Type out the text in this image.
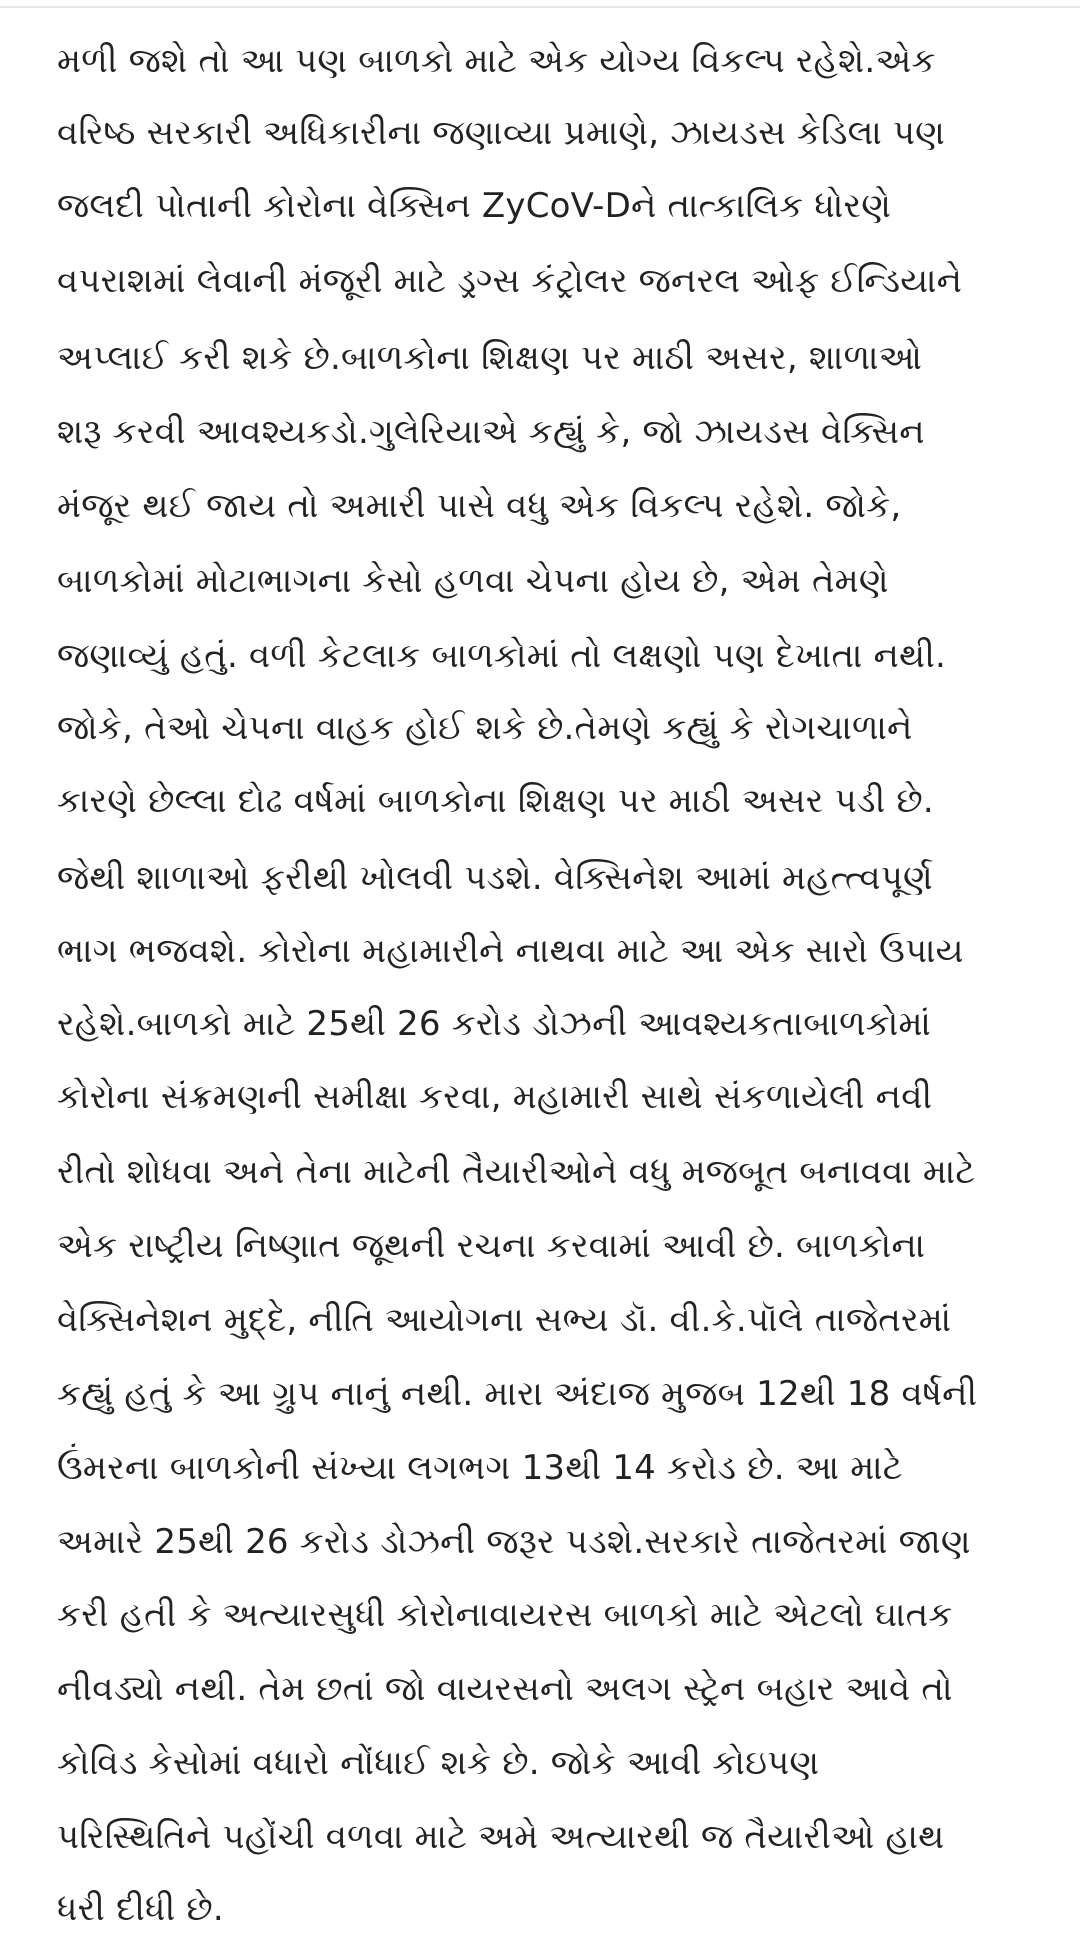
મળી જશે તો આ પણ બાળકો માટે એક યોગ્ય વિકલ્પ રહેશે.એક
વરિષ્ઠ સરકારી અધિકારીના જણાવ્યા પ્રમાણે, ઝાયડસ કેડિલા પણ
જલદી પોતાની કોરોના વેક્સિન ZyCoV-Dને તાત્કાલિક ધોરણે
વપરાશમાં લેવાની મંજૂરી માટે ડ્રગ્સ કંટ્રોલર જનરલ ઓફ ઈન્ડિયાને
અપ્લાઈ કરી શકે છે.બાળકોના શિક્ષણ પર માઠી અસર, શાળાઓ
શરૂ કરવી આવશ્યકડો.ગુલેરિયાએ કહ્યું કે, જો ઝાયડસ વેક્સિન
મંજૂર થઈ જાય તો અમારી પાસે વધુ એક વિકલ્પ રહેશે. જોકે,
બાળકોમાં મોટાભાગના કેસો હળવા ચેપના હોય છે, એમ તેમણે
જણાવ્યું હતું. વળી કેટલાક બાળકોમાં તો લક્ષણો પણ દેખાતા નથી.
જોકે, તેઓ ચેપના વાહક હોઈ શકે છે.તેમણે કહ્યું કે રોગચાળાને
કારણે છેલ્લા દોઢ વર્ષમાં બાળકોના શિક્ષણ પર માઠી અસર પડી છે.
જેથી શાળાઓ ફરીથી ખોલવી પડશે. વેક્સિનેશ આમાં મહત્ત્વપૂર્ણ
ભાગ ભજવશે. કોરોના મહામારીને નાથવા માટે આ એક સારો ઉપાય
રહેશે.બાળકો માટે 25થી 26 કરોડ ડોઝની આવશ્યકતાબાળકોમાં
કોરોના સંક્રમણની સમીક્ષા કરવા, મહામારી સાથે સંકળાયેલી નવી
રીતો શોધવા અને તેના માટેની તૈયારીઓને વધુ મજબૂત બનાવવા માટે
એક રાષ્ટ્રીય નિષ્ણાત જૂથની રચના કરવામાં આવી છે. બાળકોના
વેક્સિનેશન મુદ્દે, નીતિ આયોગના સભ્ય ડૉ. વી.કે.પૉલે તાજેતરમાં
કહ્યું હતું કે આ ગ્રુપ નાનું નથી. મારા અંદાજ મુજબ 12થી 18 વર્ષની
ઉંમરના બાળકોની સંખ્યા લગભગ 13થી 14 કરોડ છે. આ માટે
અમારે 25થી 26 કરોડ ડોઝની જરૂર પડશે.સરકારે તાજેતરમાં જાણ
કરી હતી કે અત્યારસુધી કોરોનાવાયરસ બાળકો માટે એટલો ઘાતક
નીવડ્યો નથી. તેમ છતાં જો વાયરસનો અલગ સ્ટ્રેન બહાર આવે તો
કોવિડ કેસોમાં વધારો નોંધાઈ શકે છે. જોકે આવી કોઇપણ
પરિસ્થિતિને પહોંચી વળવા માટે અમે અત્યારથી જ તૈયારીઓ હાથ
ધરી દીધી છે.
